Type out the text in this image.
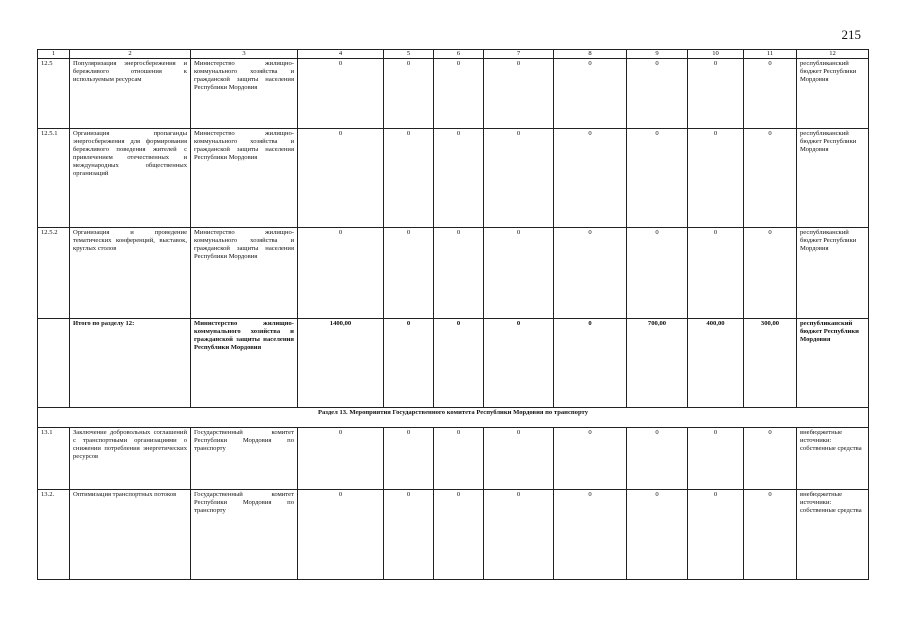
215
1	2	3	4	5	6	7	8	9	10	11	12
12.5	Популяризация энергосбережения и бережливого отношения к используемым ресурсам	Министерство жилищно-коммунального хозяйства и гражданской защиты населения Республики Мордовия	0	0	0	0	0	0	0	0	республиканский бюджет Республики Мордовия
12.5.1	Организация пропаганды энергосбережения для формирования бережливого поведения жителей с привлечением отечественных и международных общественных организаций	Министерство жилищно-коммунального хозяйства и гражданской защиты населения Республики Мордовия	0	0	0	0	0	0	0	0	республиканский бюджет Республики Мордовия
12.5.2	Организация и проведение тематических конференций, выставок, круглых столов	Министерство жилищно-коммунального хозяйства и гражданской защиты населения Республики Мордовия	0	0	0	0	0	0	0	0	республиканский бюджет Республики Мордовия
	Итого по разделу 12:	Министерство жилищно-коммунального хозяйства и гражданской защиты населения Республики Мордовия	1400,00	0	0	0	0	700,00	400,00	300,00	республиканский бюджет Республики Мордовия
Раздел 13. Мероприятия Государственного комитета Республики Мордовия по транспорту											
13.1	Заключение добровольных соглашений с транспортными организациями о снижении потребления энергетических ресурсов	Государственный комитет Республики Мордовия по транспорту	0	0	0	0	0	0	0	0	внебюджетные источники: собственные средства
13.2.	Оптимизация транспортных потоков	Государственный комитет Республики Мордовия по транспорту	0	0	0	0	0	0	0	0	внебюджетные источники: собственные средства
